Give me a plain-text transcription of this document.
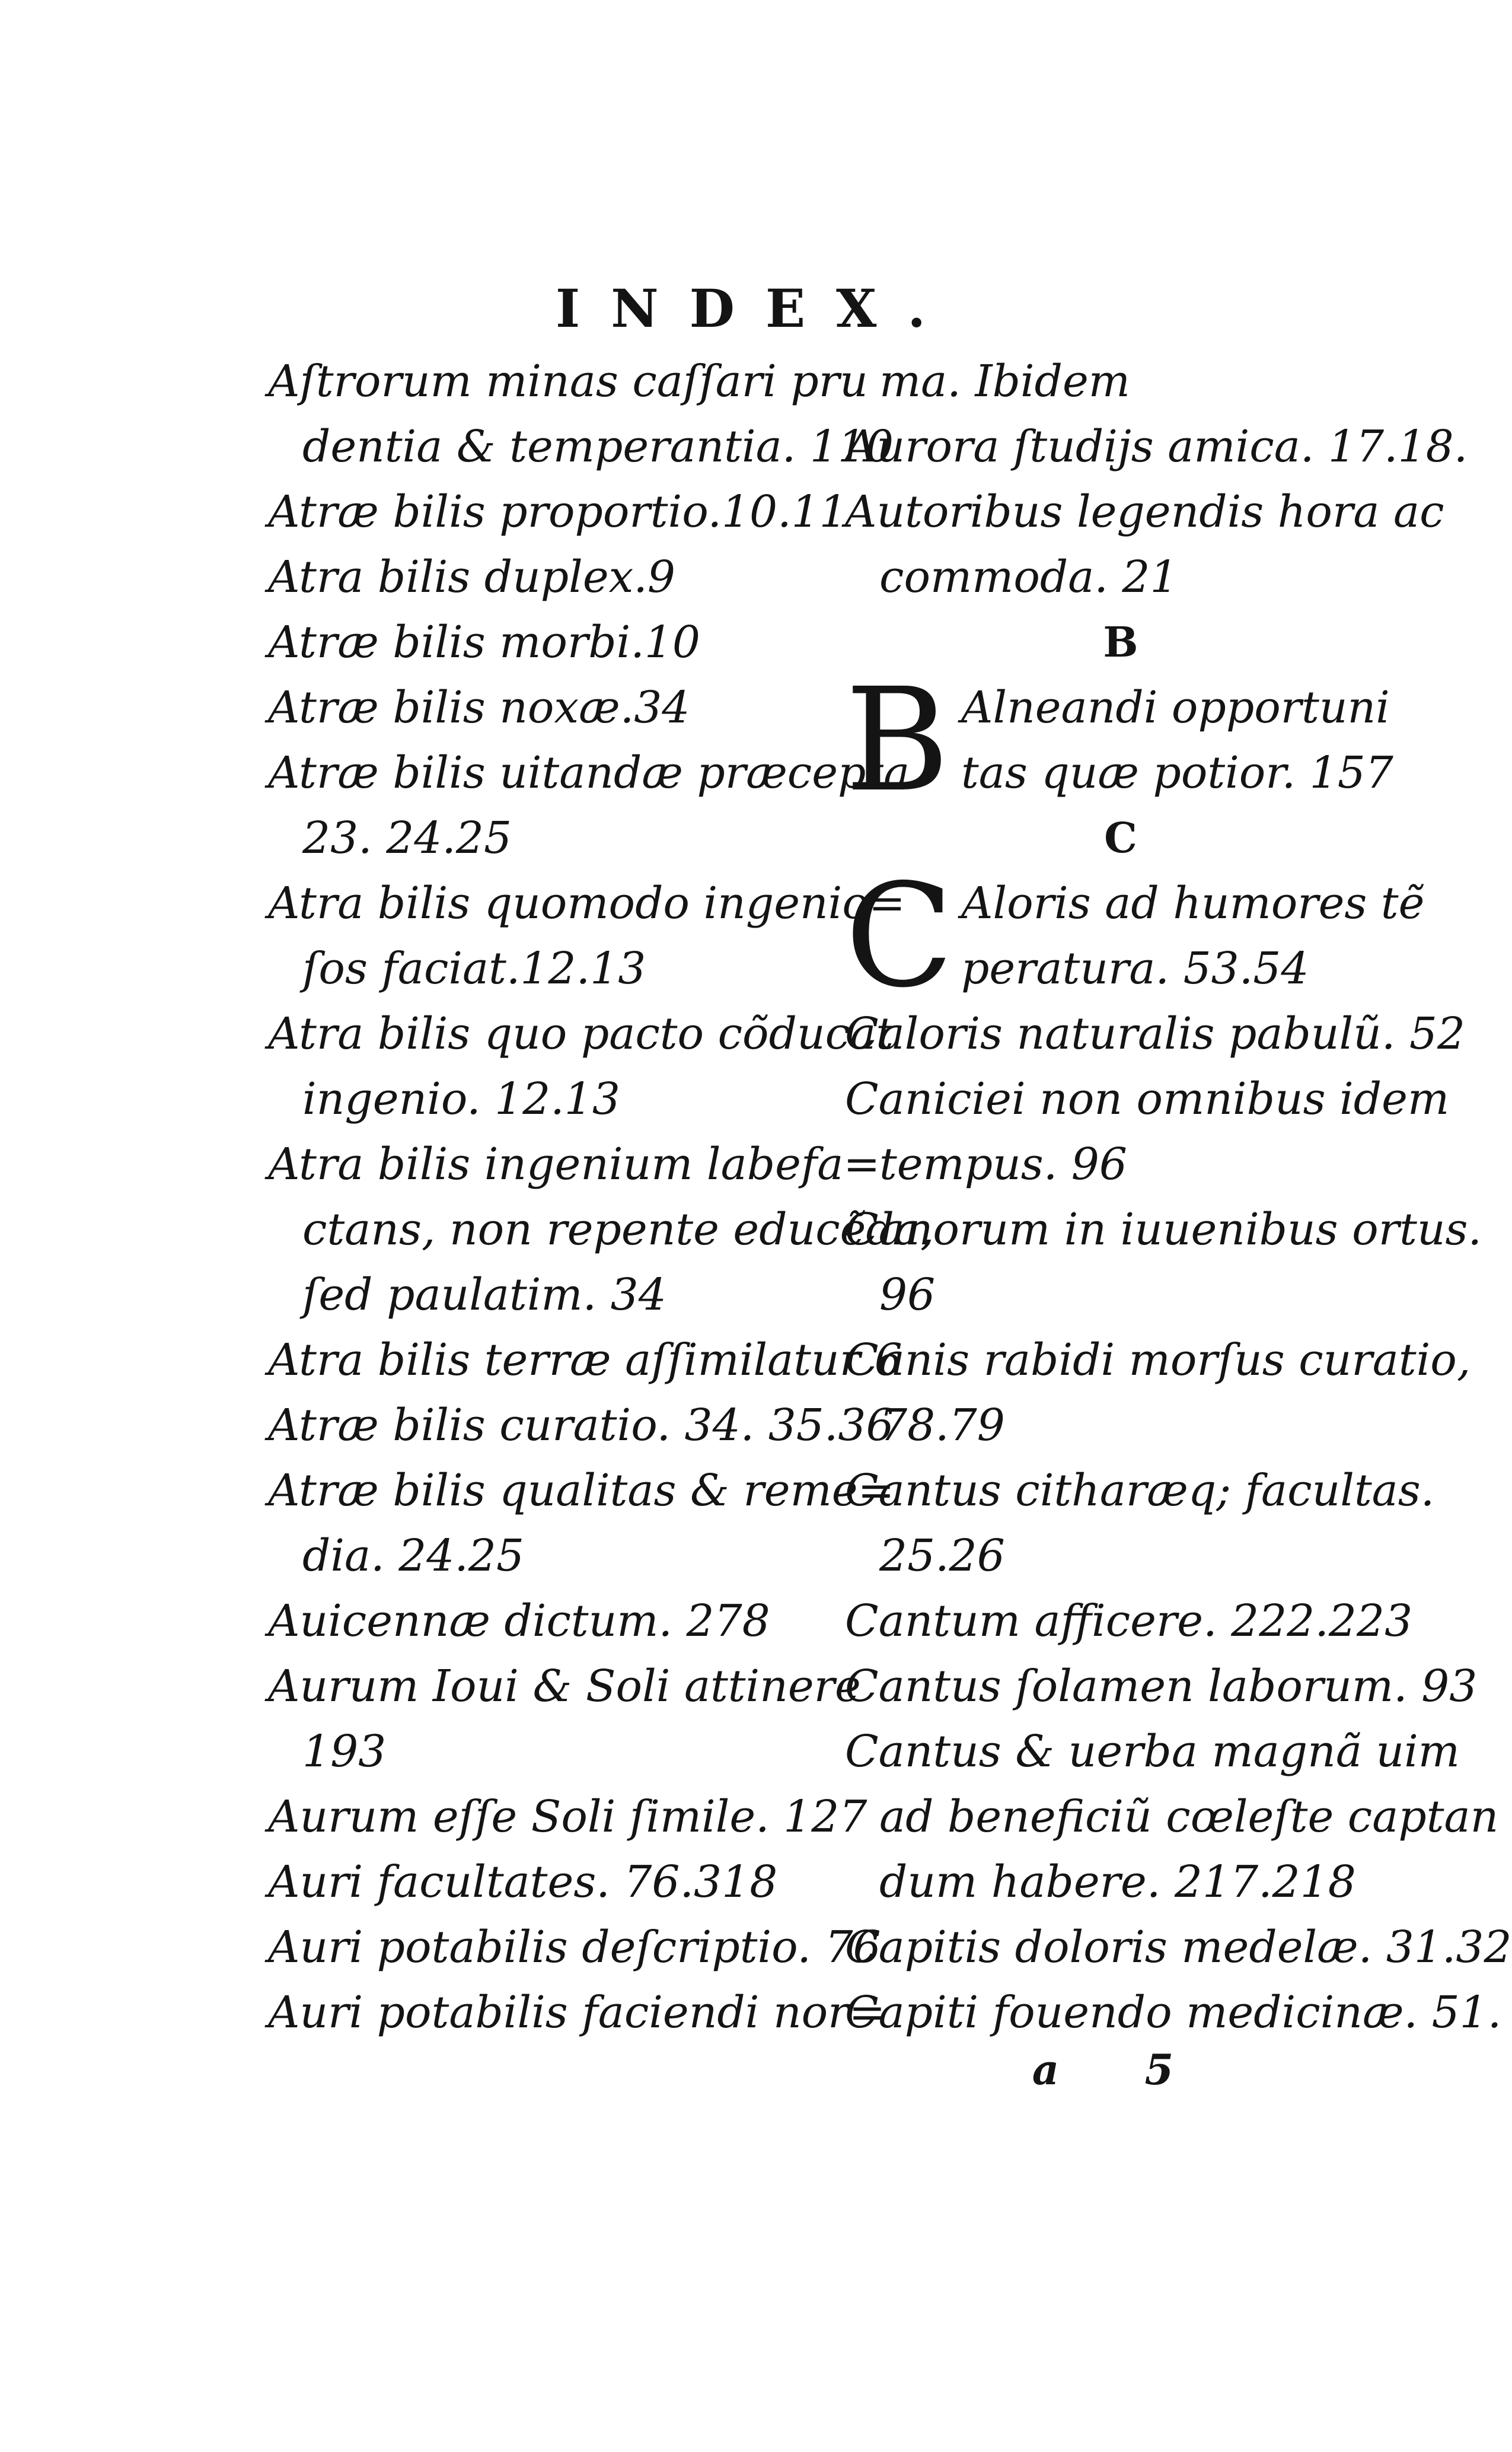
INDEX.
Aſtrorum minas caſſari pru
dentia & temperantia. 110
Atræ bilis proportio.10.11
Atra bilis duplex.9
Atræ bilis morbi.10
Atræ bilis noxæ.34
Atræ bilis uitandæ præcepta
23. 24.25
Atra bilis quomodo ingenio=
ſos faciat.12.13
Atra bilis quo pacto cõducat
ingenio. 12.13
Atra bilis ingenium labefa=
ctans, non repente educẽda,
ſed paulatim. 34
Atra bilis terræ aſſimilatur 6
Atræ bilis curatio. 34. 35.36
Atræ bilis qualitas & reme=
dia. 24.25
Auicennæ dictum. 278
Aurum Ioui & Soli attinere
193
Aurum eſſe Soli ſimile. 127
Auri facultates. 76.318
Auri potabilis deſcriptio. 76
Auri potabilis faciendi nor=
ma. Ibidem
Aurora ſtudijs amica. 17.18.
Autoribus legendis hora ac
commoda. 21
B
B Alneandi opportuni
tas quæ potior. 157
C
C Aloris ad humores tẽ
peratura. 53.54
Caloris naturalis pabulũ. 52
Caniciei non omnibus idem
tempus. 96
Canorum in iuuenibus ortus.
96
Canis rabidi morſus curatio,
78.79
Cantus citharæq; facultas.
25.26
Cantum afficere. 222.223
Cantus ſolamen laborum. 93
Cantus & uerba magnã uim
ad beneficiũ cœleſte captan
dum habere. 217.218
Capitis doloris medelæ. 31.32
Capiti fouendo medicinæ. 51.
a 5
